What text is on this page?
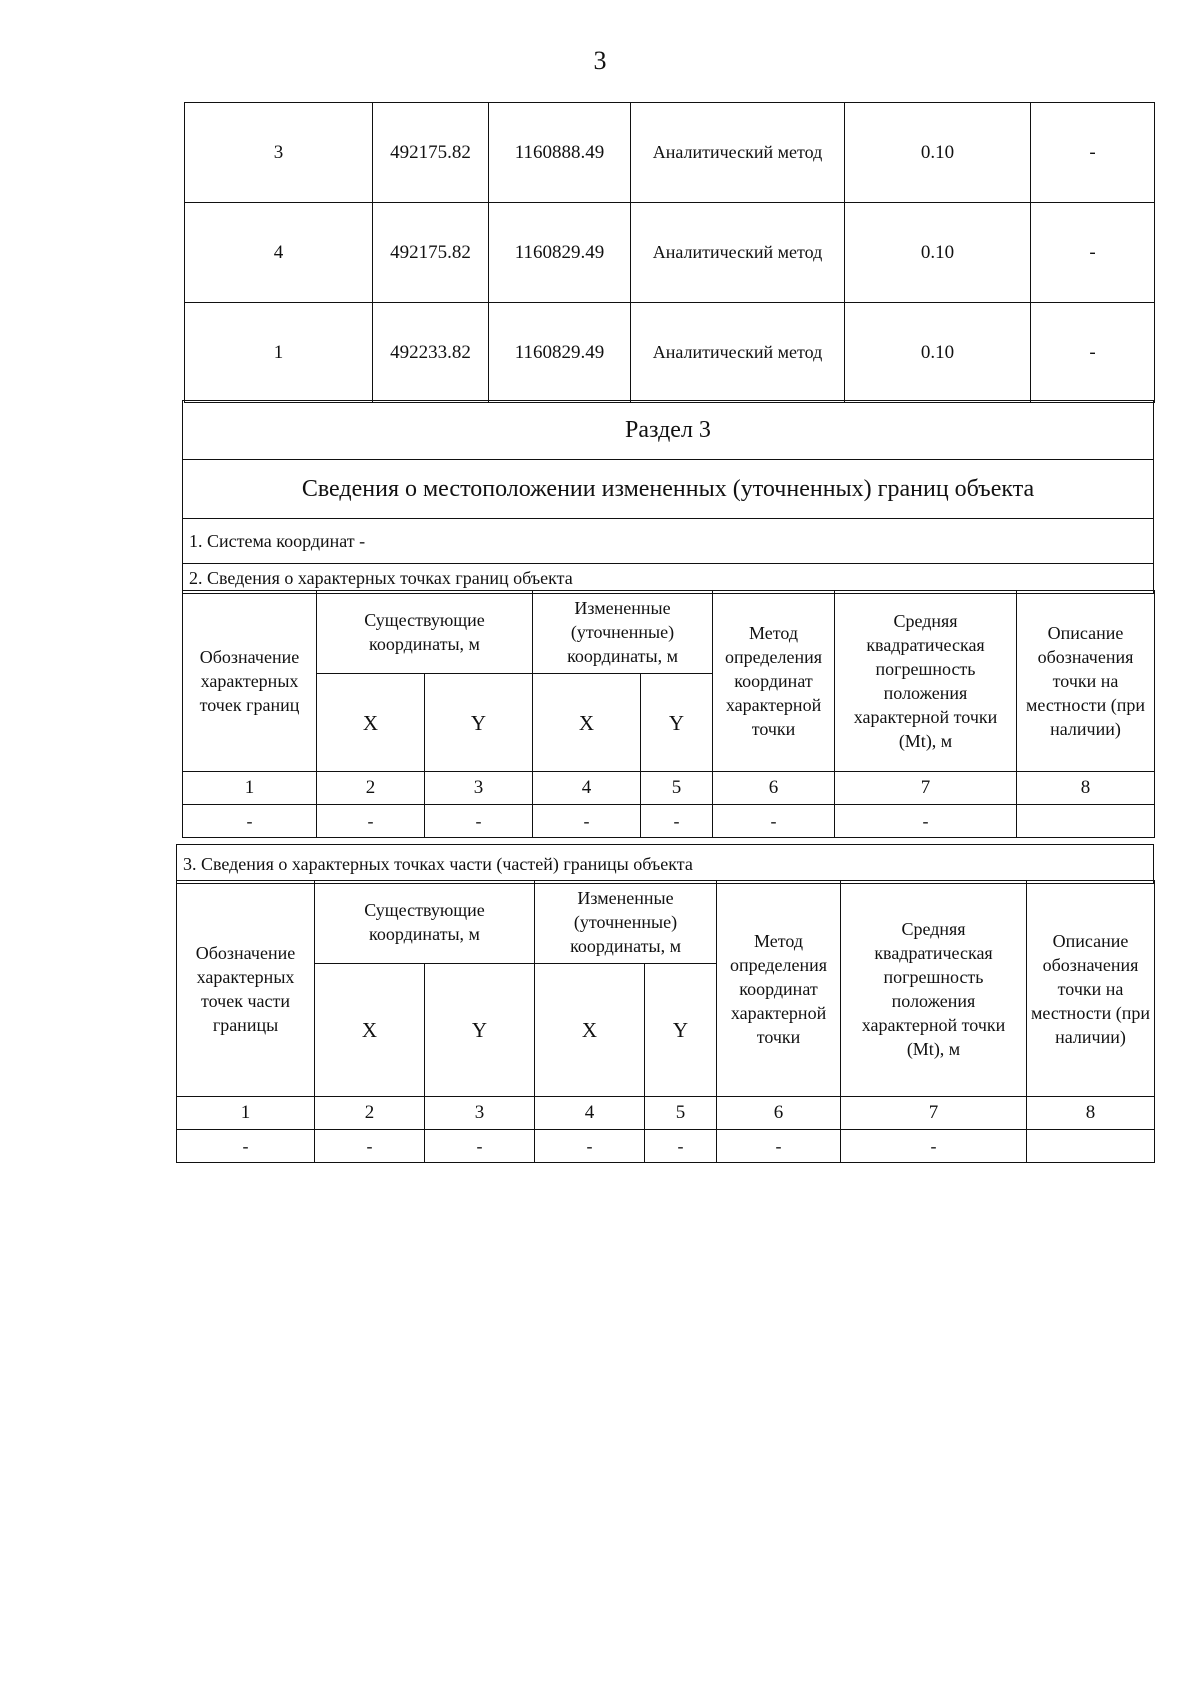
3
3	492175.82	1160888.49	Аналитический метод	0.10	-
4	492175.82	1160829.49	Аналитический метод	0.10	-
1	492233.82	1160829.49	Аналитический метод	0.10	-
Раздел 3
Сведения о местоположении измененных (уточненных) границ объекта
1. Система координат -
2. Сведения о характерных точках границ объекта
Обозначение характерных точек границ	Существующие координаты, м		Измененные (уточненные) координаты, м		Метод определения координат характерной точки	Средняя квадратическая погрешность положения характерной точки (Mt), м	Описание обозначения точки на местности (при наличии)
	X	Y	X	Y			
1	2	3	4	5	6	7	8
-	-	-	-	-	-	-	
3. Сведения о характерных точках части (частей) границы объекта
Обозначение характерных точек части границы	Существующие координаты, м		Измененные (уточненные) координаты, м		Метод определения координат характерной точки	Средняя квадратическая погрешность положения характерной точки (Mt), м	Описание обозначения точки на местности (при наличии)
	X	Y	X	Y			
1	2	3	4	5	6	7	8
-	-	-	-	-	-	-	
